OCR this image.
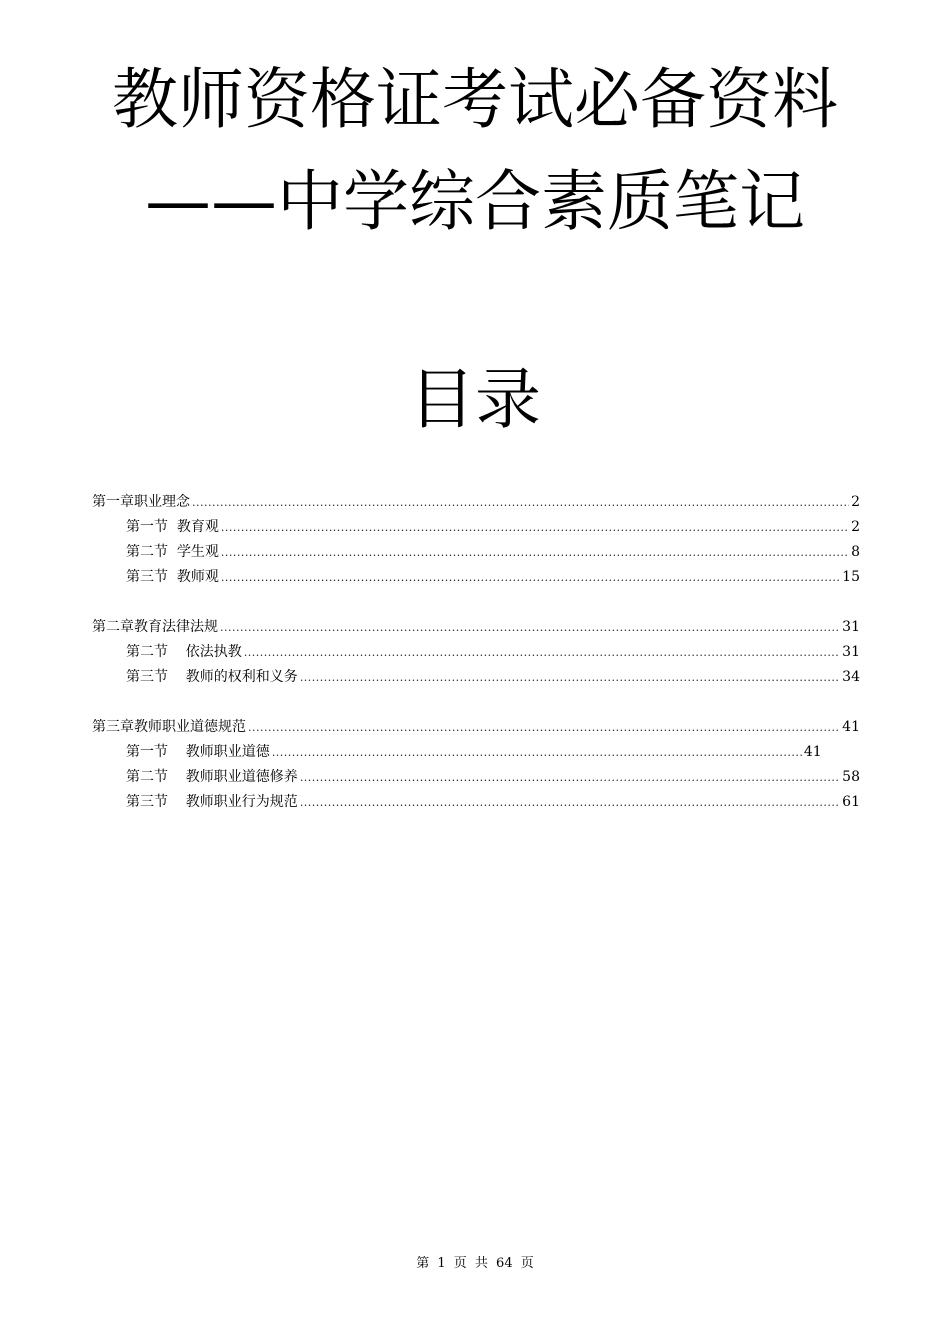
教师资格证考试必备资料
——中学综合素质笔记
目录
第一章职业理念 .....	2
第一节  教育观 .....	2
第二节  学生观 .....	8
第三节  教师观 .....	15
第二章教育法律法规 .....	31
第二节    依法执教 .....	31
第三节    教师的权利和义务 .....	34
第三章教师职业道德规范 .....	41
第一节    教师职业道德 .....	41
第二节    教师职业道德修养 .....	58
第三节    教师职业行为规范 .....	61
第 1 页 共 64 页
